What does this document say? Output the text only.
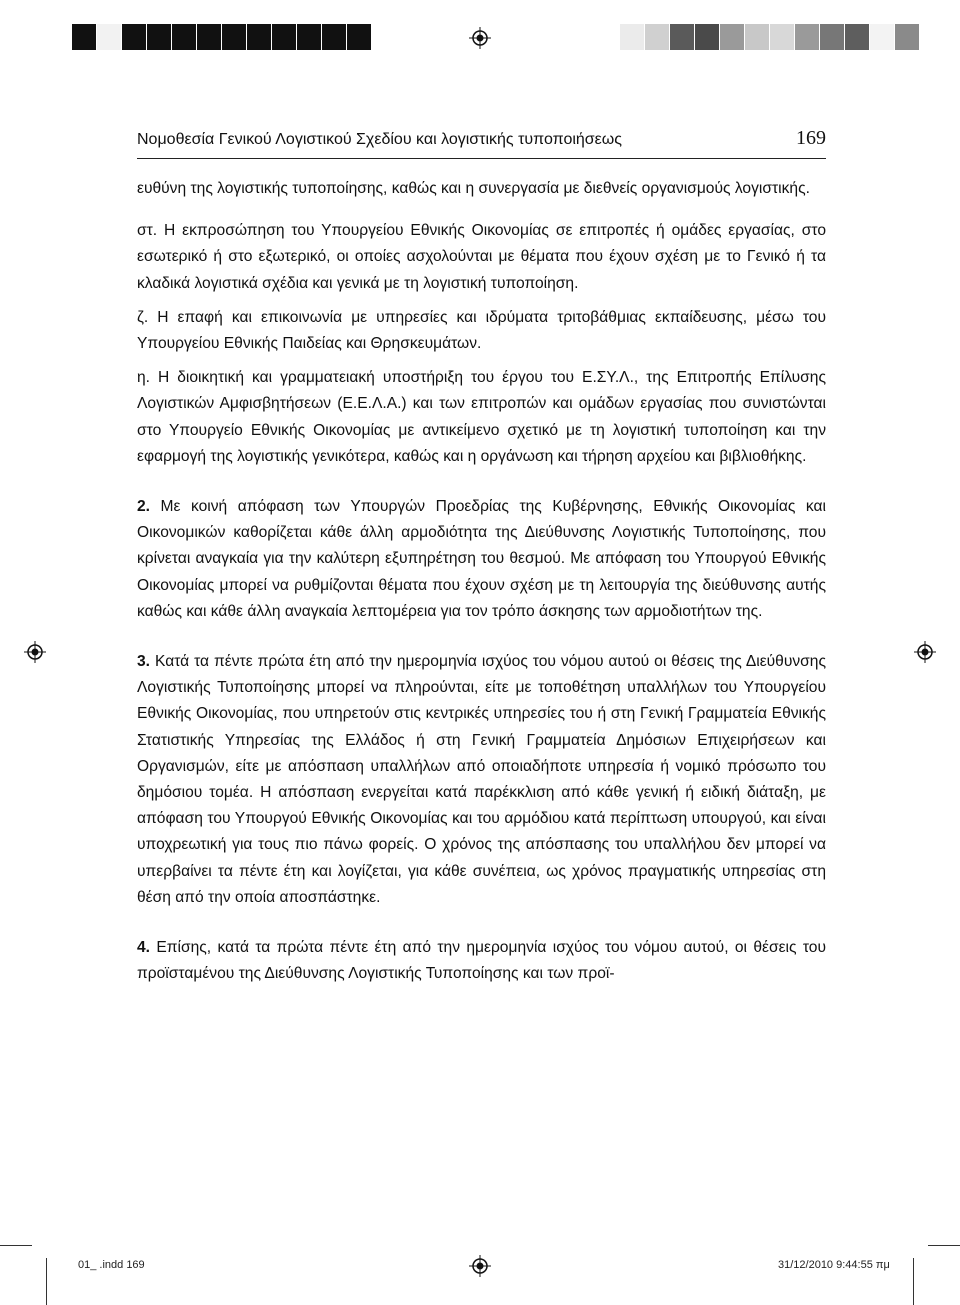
Νομοθεσία Γενικού Λογιστικού Σχεδίου και λογιστικής τυποποιήσεως	169

ευθύνη της λογιστικής τυποποίησης, καθώς και η συνεργασία με διεθνείς οργανισμούς λογιστικής.

στ. Η εκπροσώπηση του Υπουργείου Εθνικής Οικονομίας σε επιτροπές ή ομάδες εργασίας, στο εσωτερικό ή στο εξωτερικό, οι οποίες ασχολούνται με θέματα που έχουν σχέση με το Γενικό ή τα κλαδικά λογιστικά σχέδια και γενικά με τη λογιστική τυποποίηση.

ζ. Η επαφή και επικοινωνία με υπηρεσίες και ιδρύματα τριτοβάθμιας εκπαίδευσης, μέσω του Υπουργείου Εθνικής Παιδείας και Θρησκευμάτων.

η. Η διοικητική και γραμματειακή υποστήριξη του έργου του Ε.ΣΥ.Λ., της Επιτροπής Επίλυσης Λογιστικών Αμφισβητήσεων (Ε.Ε.Λ.Α.) και των επιτροπών και ομάδων εργασίας που συνιστώνται στο Υπουργείο Εθνικής Οικονομίας με αντικείμενο σχετικό με τη λογιστική τυποποίηση και την εφαρμογή της λογιστικής γενικότερα, καθώς και η οργάνωση και τήρηση αρχείου και βιβλιοθήκης.

2. Με κοινή απόφαση των Υπουργών Προεδρίας της Κυβέρνησης, Εθνικής Οικονομίας και Οικονομικών καθορίζεται κάθε άλλη αρμοδιότητα της Διεύθυνσης Λογιστικής Τυποποίησης, που κρίνεται αναγκαία για την καλύτερη εξυπηρέτηση του θεσμού. Με απόφαση του Υπουργού Εθνικής Οικονομίας μπορεί να ρυθμίζονται θέματα που έχουν σχέση με τη λειτουργία της διεύθυνσης αυτής καθώς και κάθε άλλη αναγκαία λεπτομέρεια για τον τρόπο άσκησης των αρμοδιοτήτων της.

3. Κατά τα πέντε πρώτα έτη από την ημερομηνία ισχύος του νόμου αυτού οι θέσεις της Διεύθυνσης Λογιστικής Τυποποίησης μπορεί να πληρούνται, είτε με τοποθέτηση υπαλλήλων του Υπουργείου Εθνικής Οικονομίας, που υπηρετούν στις κεντρικές υπηρεσίες του ή στη Γενική Γραμματεία Εθνικής Στατιστικής Υπηρεσίας της Ελλάδος ή στη Γενική Γραμματεία Δημόσιων Επιχειρήσεων και Οργανισμών, είτε με απόσπαση υπαλλήλων από οποιαδήποτε υπηρεσία ή νομικό πρόσωπο του δημόσιου τομέα. Η απόσπαση ενεργείται κατά παρέκκλιση από κάθε γενική ή ειδική διάταξη, με απόφαση του Υπουργού Εθνικής Οικονομίας και του αρμόδιου κατά περίπτωση υπουργού, και είναι υποχρεωτική για τους πιο πάνω φορείς. Ο χρόνος της απόσπασης του υπαλλήλου δεν μπορεί να υπερβαίνει τα πέντε έτη και λογίζεται, για κάθε συνέπεια, ως χρόνος πραγματικής υπηρεσίας στη θέση από την οποία αποσπάστηκε.

4. Επίσης, κατά τα πρώτα πέντε έτη από την ημερομηνία ισχύος του νόμου αυτού, οι θέσεις του προϊσταμένου της Διεύθυνσης Λογιστικής Τυποποίησης και των προϊ-

01_ .indd 169	31/12/2010 9:44:55 πμ
